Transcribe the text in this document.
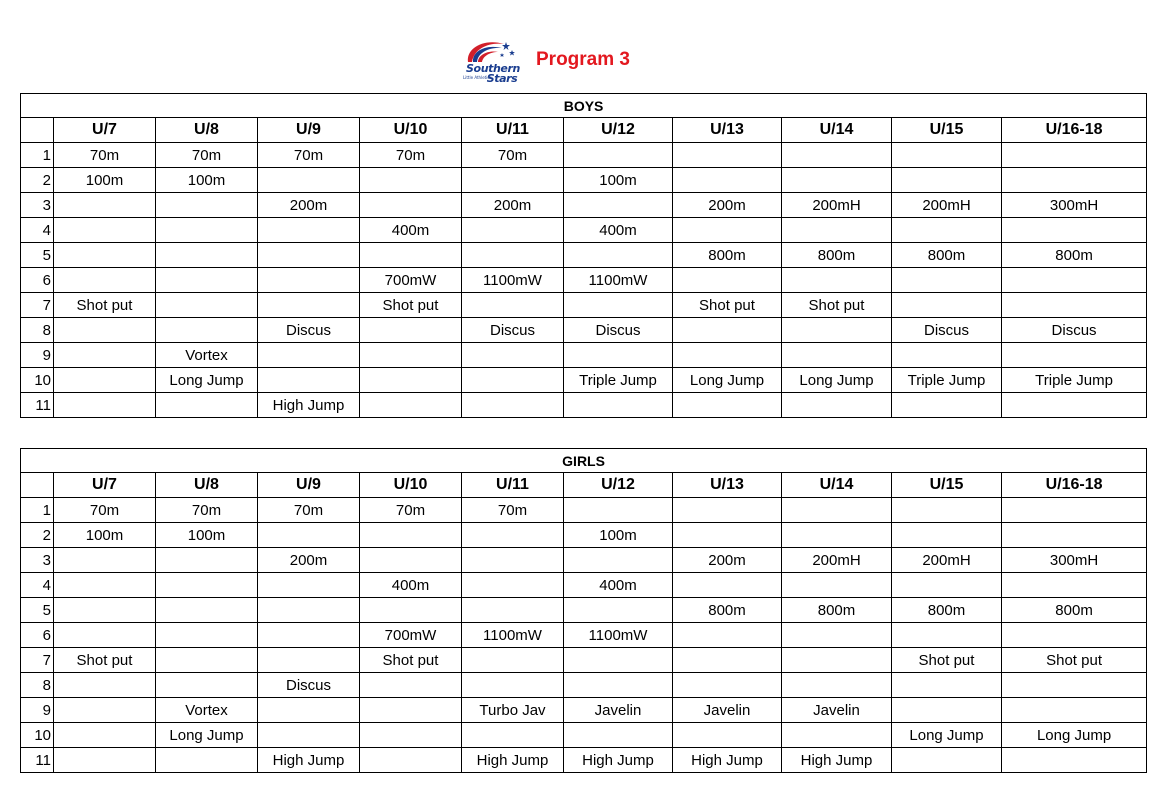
Southern
Stars
Little Athletics
Program 3
BOYS										
	U/7	U/8	U/9	U/10	U/11	U/12	U/13	U/14	U/15	U/16-18
1	70m	70m	70m	70m	70m					
2	100m	100m				100m				
3			200m		200m		200m	200mH	200mH	300mH
4				400m		400m				
5							800m	800m	800m	800m
6				700mW	1100mW	1100mW				
7	Shot put			Shot put			Shot put	Shot put		
8			Discus		Discus	Discus			Discus	Discus
9		Vortex								
10		Long Jump				Triple Jump	Long Jump	Long Jump	Triple Jump	Triple Jump
11			High Jump							
GIRLS										
	U/7	U/8	U/9	U/10	U/11	U/12	U/13	U/14	U/15	U/16-18
1	70m	70m	70m	70m	70m					
2	100m	100m				100m				
3			200m				200m	200mH	200mH	300mH
4				400m		400m				
5							800m	800m	800m	800m
6				700mW	1100mW	1100mW				
7	Shot put			Shot put					Shot put	Shot put
8			Discus							
9		Vortex			Turbo Jav	Javelin	Javelin	Javelin		
10		Long Jump							Long Jump	Long Jump
11			High Jump		High Jump	High Jump	High Jump	High Jump		
